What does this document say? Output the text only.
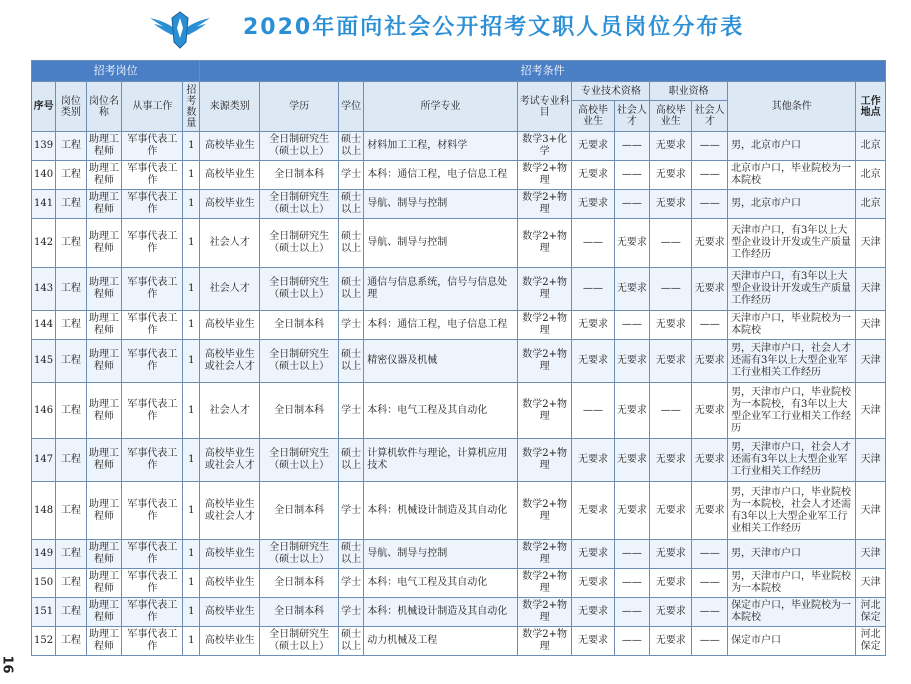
2020年面向社会公开招考文职人员岗位分布表
招考岗位					招考条件										
序号	岗位类别	岗位名称	从事工作	招考数量	来源类别	学历	学位	所学专业	考试专业科目	专业技术资格		职业资格		其他条件	工作地点
										高校毕业生	社会人才	高校毕业生	社会人才		
139	工程	助理工程师	军事代表工作	1	高校毕业生	全日制研究生（硕士以上）	硕士以上	材料加工工程，材料学	数学3+化学	无要求	——	无要求	——	男，北京市户口	北京
140	工程	助理工程师	军事代表工作	1	高校毕业生	全日制本科	学士	本科：通信工程，电子信息工程	数学2+物理	无要求	——	无要求	——	北京市户口，毕业院校为一本院校	北京
141	工程	助理工程师	军事代表工作	1	高校毕业生	全日制研究生（硕士以上）	硕士以上	导航、制导与控制	数学2+物理	无要求	——	无要求	——	男，北京市户口	北京
142	工程	助理工程师	军事代表工作	1	社会人才	全日制研究生（硕士以上）	硕士以上	导航、制导与控制	数学2+物理	——	无要求	——	无要求	天津市户口，有3年以上大型企业设计开发或生产质量工作经历	天津
143	工程	助理工程师	军事代表工作	1	社会人才	全日制研究生（硕士以上）	硕士以上	通信与信息系统，信号与信息处理	数学2+物理	——	无要求	——	无要求	天津市户口，有3年以上大型企业设计开发或生产质量工作经历	天津
144	工程	助理工程师	军事代表工作	1	高校毕业生	全日制本科	学士	本科：通信工程，电子信息工程	数学2+物理	无要求	——	无要求	——	天津市户口，毕业院校为一本院校	天津
145	工程	助理工程师	军事代表工作	1	高校毕业生或社会人才	全日制研究生（硕士以上）	硕士以上	精密仪器及机械	数学2+物理	无要求	无要求	无要求	无要求	男，天津市户口，社会人才还需有3年以上大型企业军工行业相关工作经历	天津
146	工程	助理工程师	军事代表工作	1	社会人才	全日制本科	学士	本科：电气工程及其自动化	数学2+物理	——	无要求	——	无要求	男，天津市户口，毕业院校为一本院校，有3年以上大型企业军工行业相关工作经历	天津
147	工程	助理工程师	军事代表工作	1	高校毕业生或社会人才	全日制研究生（硕士以上）	硕士以上	计算机软件与理论，计算机应用技术	数学2+物理	无要求	无要求	无要求	无要求	男，天津市户口，社会人才还需有3年以上大型企业军工行业相关工作经历	天津
148	工程	助理工程师	军事代表工作	1	高校毕业生或社会人才	全日制本科	学士	本科：机械设计制造及其自动化	数学2+物理	无要求	无要求	无要求	无要求	男，天津市户口，毕业院校为一本院校，社会人才还需有3年以上大型企业军工行业相关工作经历	天津
149	工程	助理工程师	军事代表工作	1	高校毕业生	全日制研究生（硕士以上）	硕士以上	导航、制导与控制	数学2+物理	无要求	——	无要求	——	男，天津市户口	天津
150	工程	助理工程师	军事代表工作	1	高校毕业生	全日制本科	学士	本科：电气工程及其自动化	数学2+物理	无要求	——	无要求	——	男，天津市户口，毕业院校为一本院校	天津
151	工程	助理工程师	军事代表工作	1	高校毕业生	全日制本科	学士	本科：机械设计制造及其自动化	数学2+物理	无要求	——	无要求	——	保定市户口，毕业院校为一本院校	河北保定
152	工程	助理工程师	军事代表工作	1	高校毕业生	全日制研究生（硕士以上）	硕士以上	动力机械及工程	数学2+物理	无要求	——	无要求	——	保定市户口	河北保定
16
